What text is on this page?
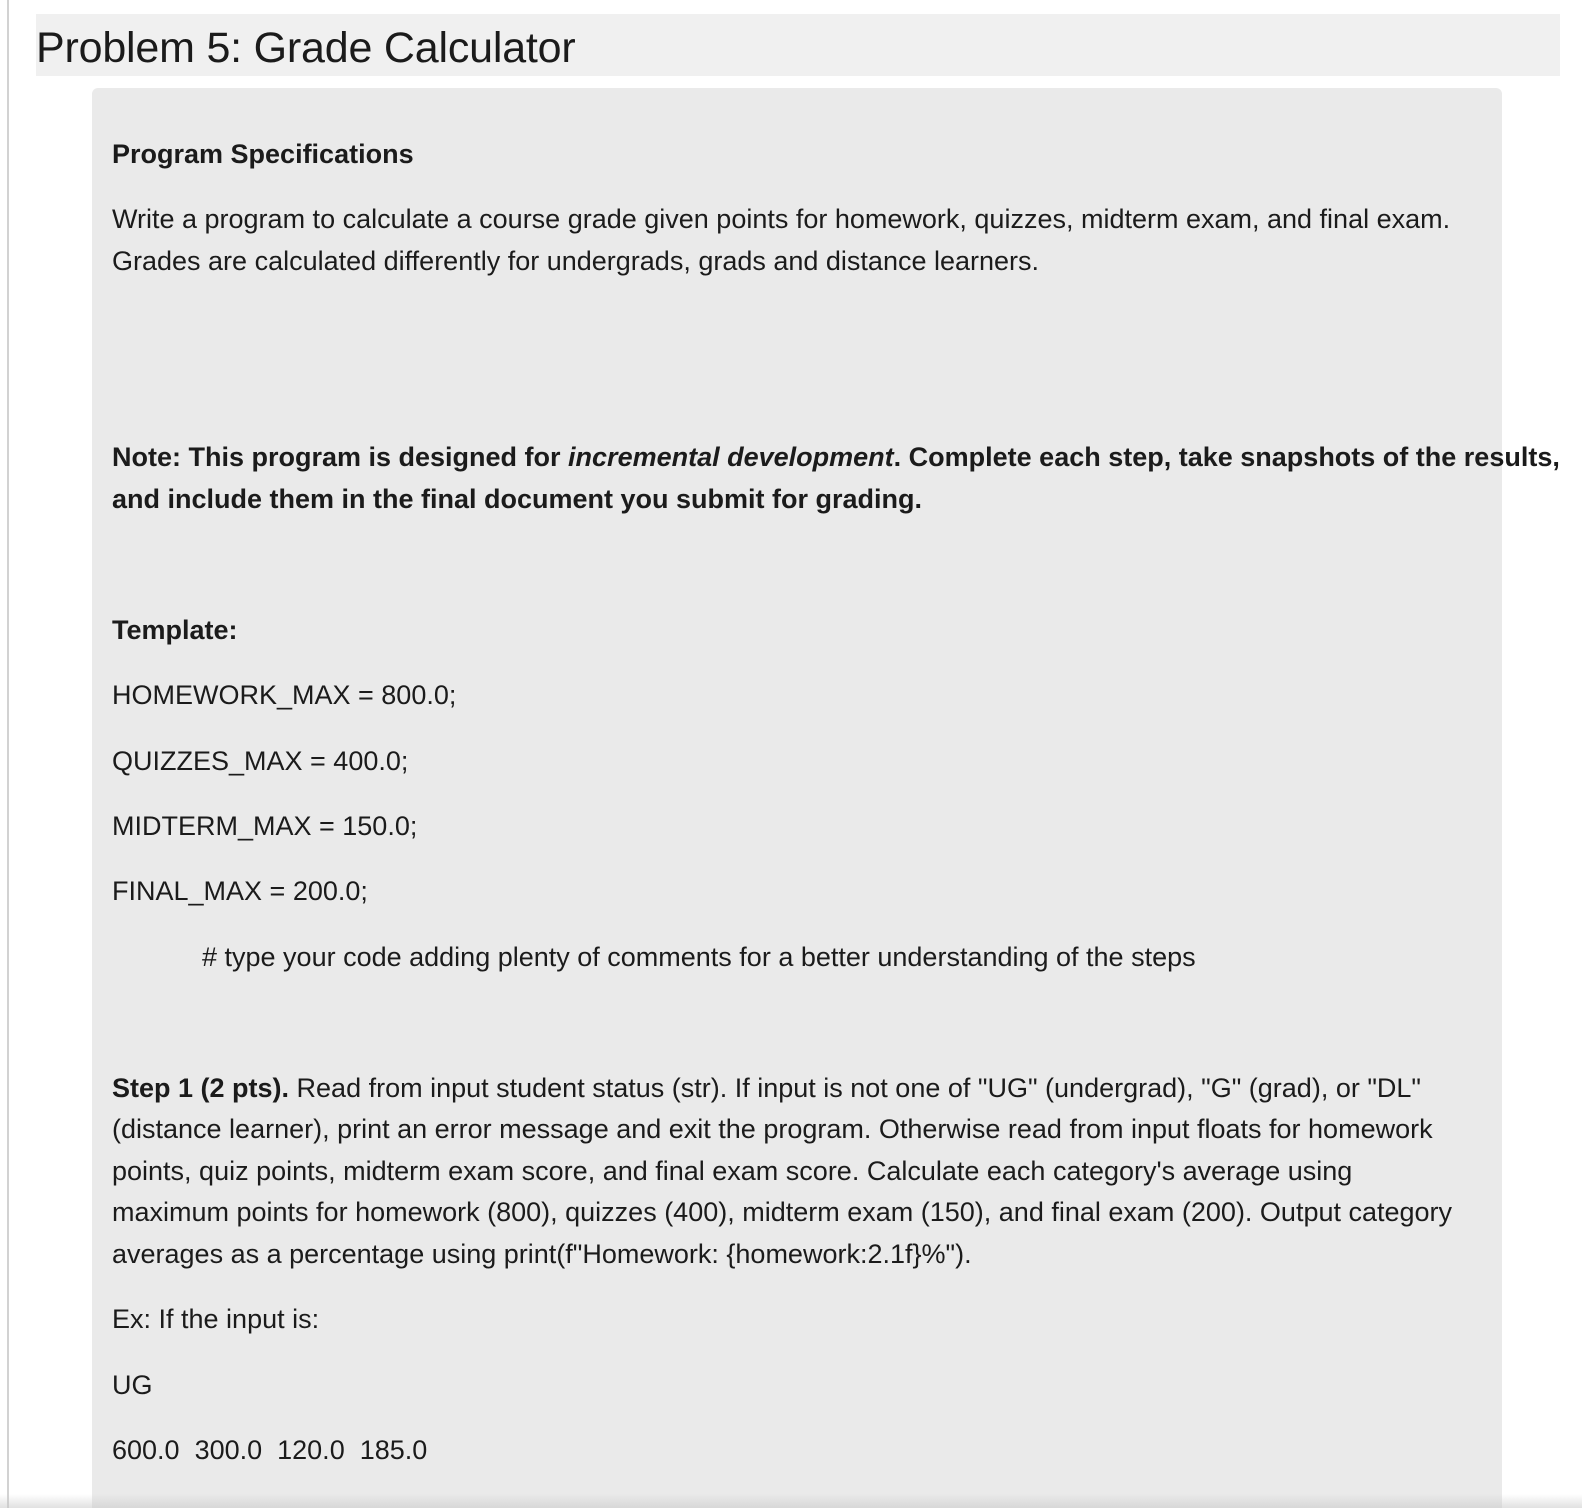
Problem 5: Grade Calculator

Program Specifications

Write a program to calculate a course grade given points for homework, quizzes, midterm exam, and final exam.

Grades are calculated differently for undergrads, grads and distance learners.

Note: This program is designed for incremental development. Complete each step, take snapshots of the results,

and include them in the final document you submit for grading.

Template:

HOMEWORK_MAX = 800.0;

QUIZZES_MAX = 400.0;

MIDTERM_MAX = 150.0;

FINAL_MAX = 200.0;

# type your code adding plenty of comments for a better understanding of the steps

Step 1 (2 pts). Read from input student status (str). If input is not one of "UG" (undergrad), "G" (grad), or "DL"

(distance learner), print an error message and exit the program. Otherwise read from input floats for homework

points, quiz points, midterm exam score, and final exam score. Calculate each category's average using

maximum points for homework (800), quizzes (400), midterm exam (150), and final exam (200). Output category

averages as a percentage using print(f"Homework: {homework:2.1f}%").

Ex: If the input is:

UG

600.0  300.0  120.0  185.0
